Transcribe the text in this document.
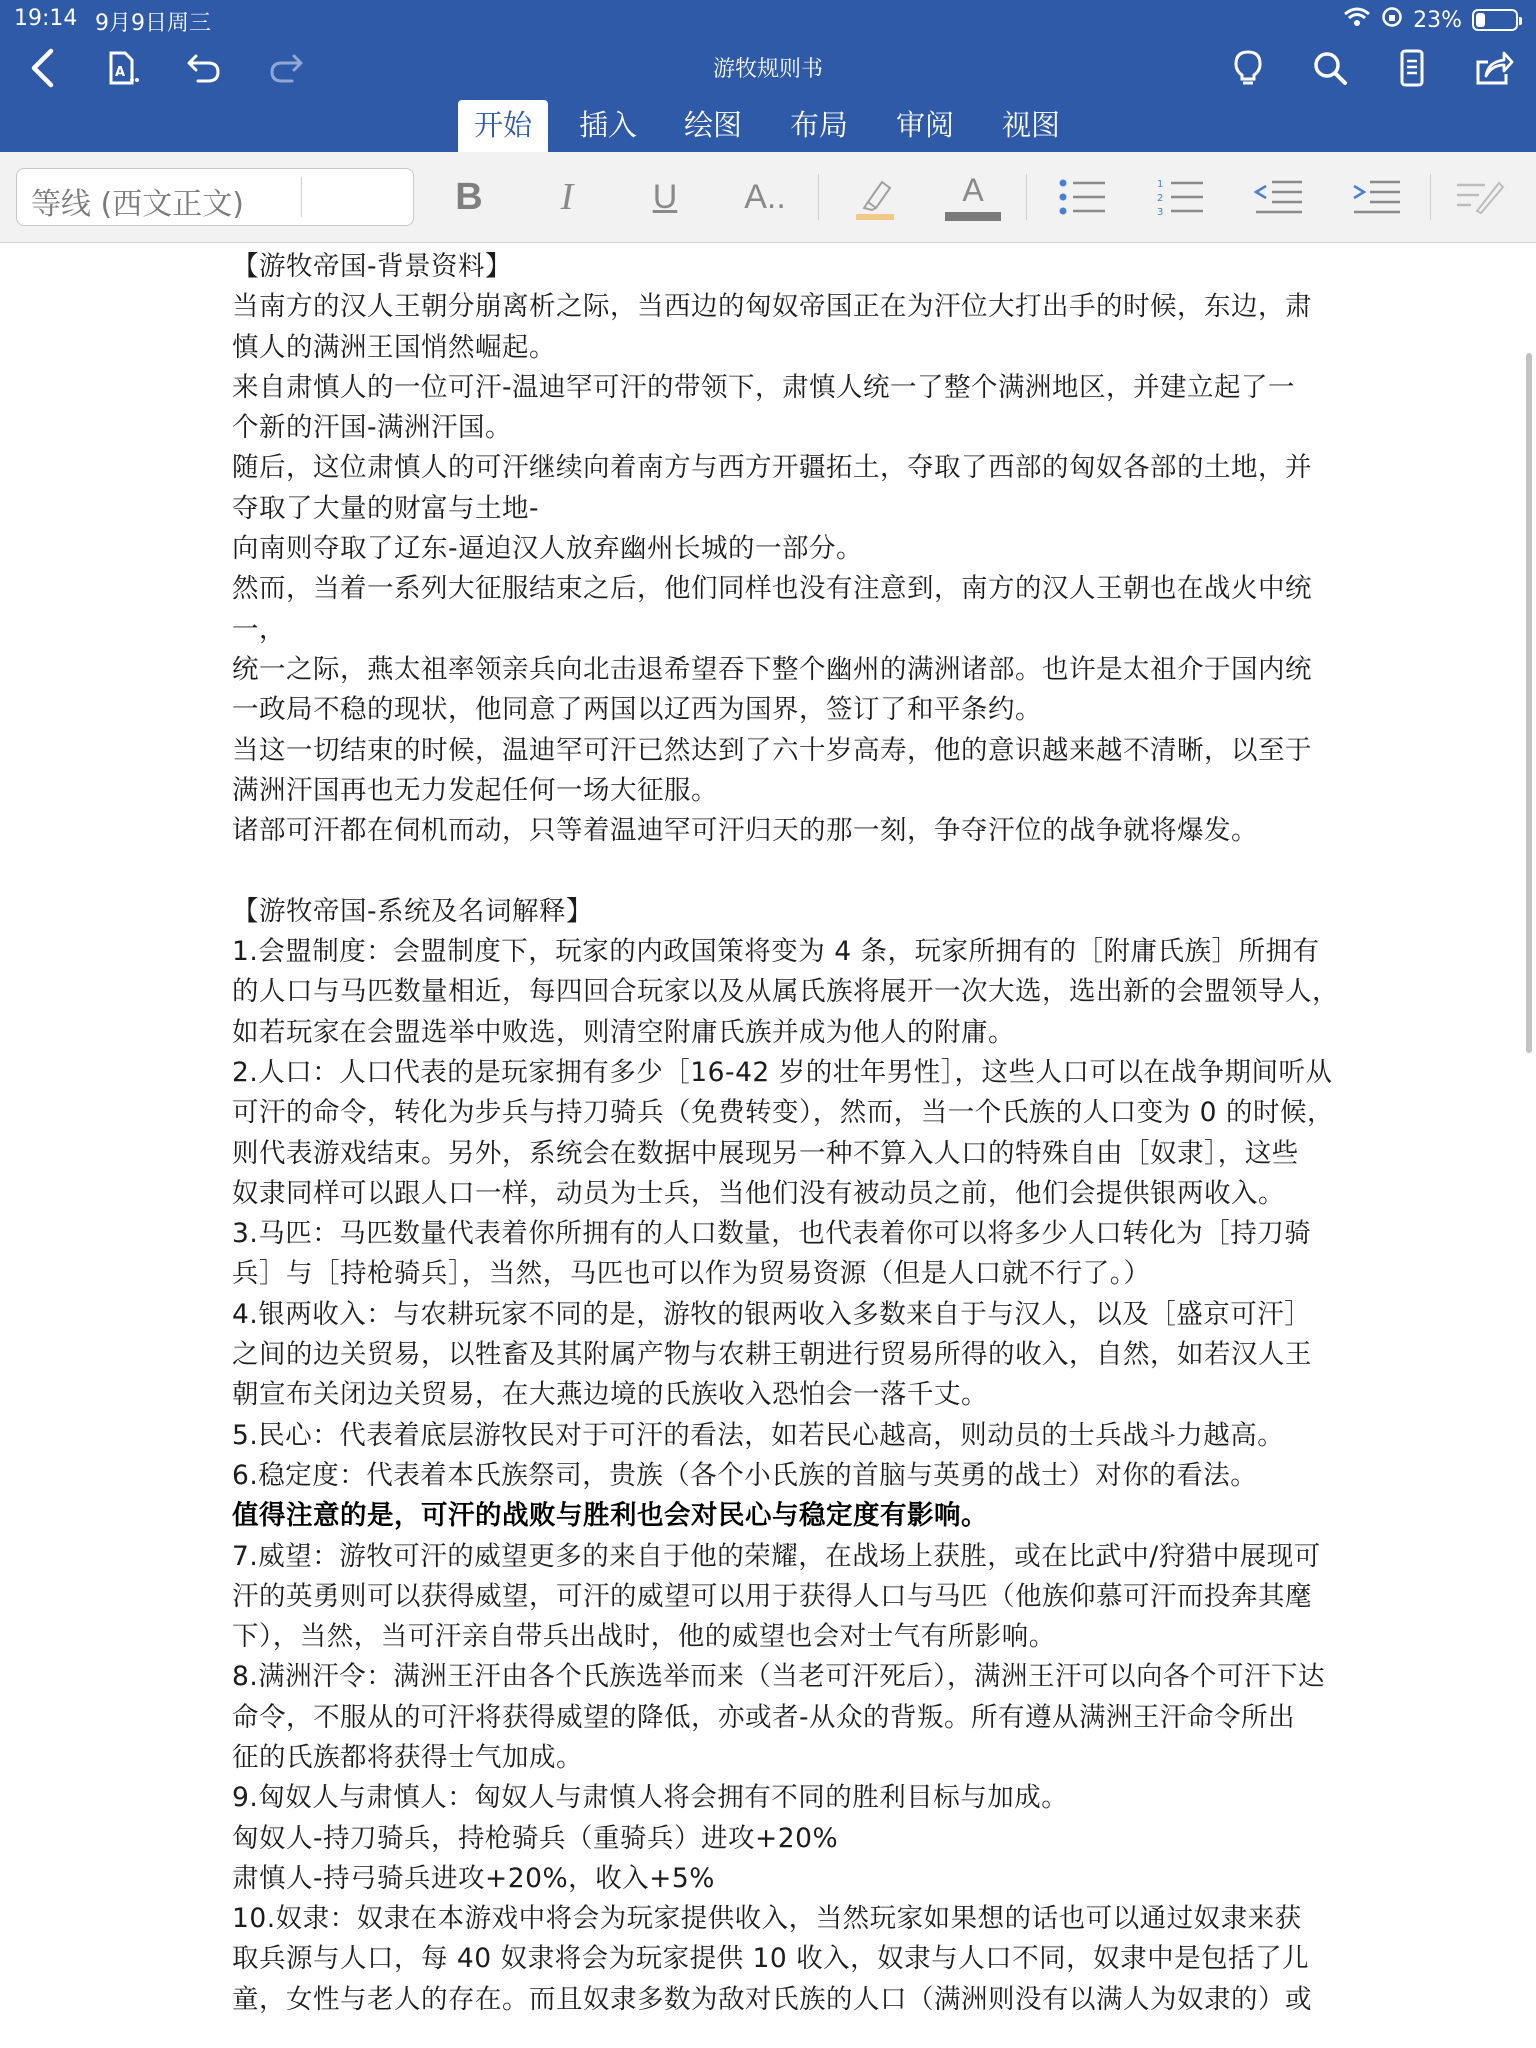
19:14 9月9日周三	23%
A	游牧规则书
开始	插入	绘图	布局	审阅	视图
等线 (西文正文)	B I U A..	A	1
2
3
【游牧帝国-背景资料】
当南方的汉人王朝分崩离析之际，当西边的匈奴帝国正在为汗位大打出手的时候，东边，肃
慎人的满洲王国悄然崛起。
来自肃慎人的一位可汗-温迪罕可汗的带领下，肃慎人统一了整个满洲地区，并建立起了一
个新的汗国-满洲汗国。
随后，这位肃慎人的可汗继续向着南方与西方开疆拓土，夺取了西部的匈奴各部的土地，并
夺取了大量的财富与土地-
向南则夺取了辽东-逼迫汉人放弃幽州长城的一部分。
然而，当着一系列大征服结束之后，他们同样也没有注意到，南方的汉人王朝也在战火中统
一，
统一之际，燕太祖率领亲兵向北击退希望吞下整个幽州的满洲诸部。也许是太祖介于国内统
一政局不稳的现状，他同意了两国以辽西为国界，签订了和平条约。
当这一切结束的时候，温迪罕可汗已然达到了六十岁高寿，他的意识越来越不清晰，以至于
满洲汗国再也无力发起任何一场大征服。
诸部可汗都在伺机而动，只等着温迪罕可汗归天的那一刻，争夺汗位的战争就将爆发。
【游牧帝国-系统及名词解释】
1.会盟制度：会盟制度下，玩家的内政国策将变为 4 条，玩家所拥有的［附庸氏族］所拥有
的人口与马匹数量相近，每四回合玩家以及从属氏族将展开一次大选，选出新的会盟领导人，
如若玩家在会盟选举中败选，则清空附庸氏族并成为他人的附庸。
2.人口：人口代表的是玩家拥有多少［16-42 岁的壮年男性］，这些人口可以在战争期间听从
可汗的命令，转化为步兵与持刀骑兵（免费转变），然而，当一个氏族的人口变为 0 的时候，
则代表游戏结束。另外，系统会在数据中展现另一种不算入人口的特殊自由［奴隶］，这些
奴隶同样可以跟人口一样，动员为士兵，当他们没有被动员之前，他们会提供银两收入。
3.马匹：马匹数量代表着你所拥有的人口数量，也代表着你可以将多少人口转化为［持刀骑
兵］与［持枪骑兵］，当然，马匹也可以作为贸易资源（但是人口就不行了。）
4.银两收入：与农耕玩家不同的是，游牧的银两收入多数来自于与汉人，以及［盛京可汗］
之间的边关贸易，以牲畜及其附属产物与农耕王朝进行贸易所得的收入，自然，如若汉人王
朝宣布关闭边关贸易，在大燕边境的氏族收入恐怕会一落千丈。
5.民心：代表着底层游牧民对于可汗的看法，如若民心越高，则动员的士兵战斗力越高。
6.稳定度：代表着本氏族祭司，贵族（各个小氏族的首脑与英勇的战士）对你的看法。
值得注意的是，可汗的战败与胜利也会对民心与稳定度有影响。
7.威望：游牧可汗的威望更多的来自于他的荣耀，在战场上获胜，或在比武中/狩猎中展现可
汗的英勇则可以获得威望，可汗的威望可以用于获得人口与马匹（他族仰慕可汗而投奔其麾
下），当然，当可汗亲自带兵出战时，他的威望也会对士气有所影响。
8.满洲汗令：满洲王汗由各个氏族选举而来（当老可汗死后），满洲王汗可以向各个可汗下达
命令，不服从的可汗将获得威望的降低，亦或者-从众的背叛。所有遵从满洲王汗命令所出
征的氏族都将获得士气加成。
9.匈奴人与肃慎人：匈奴人与肃慎人将会拥有不同的胜利目标与加成。
匈奴人-持刀骑兵，持枪骑兵（重骑兵）进攻+20%
肃慎人-持弓骑兵进攻+20%，收入+5%
10.奴隶：奴隶在本游戏中将会为玩家提供收入，当然玩家如果想的话也可以通过奴隶来获
取兵源与人口，每 40 奴隶将会为玩家提供 10 收入，奴隶与人口不同，奴隶中是包括了儿
童，女性与老人的存在。而且奴隶多数为敌对氏族的人口（满洲则没有以满人为奴隶的）或
